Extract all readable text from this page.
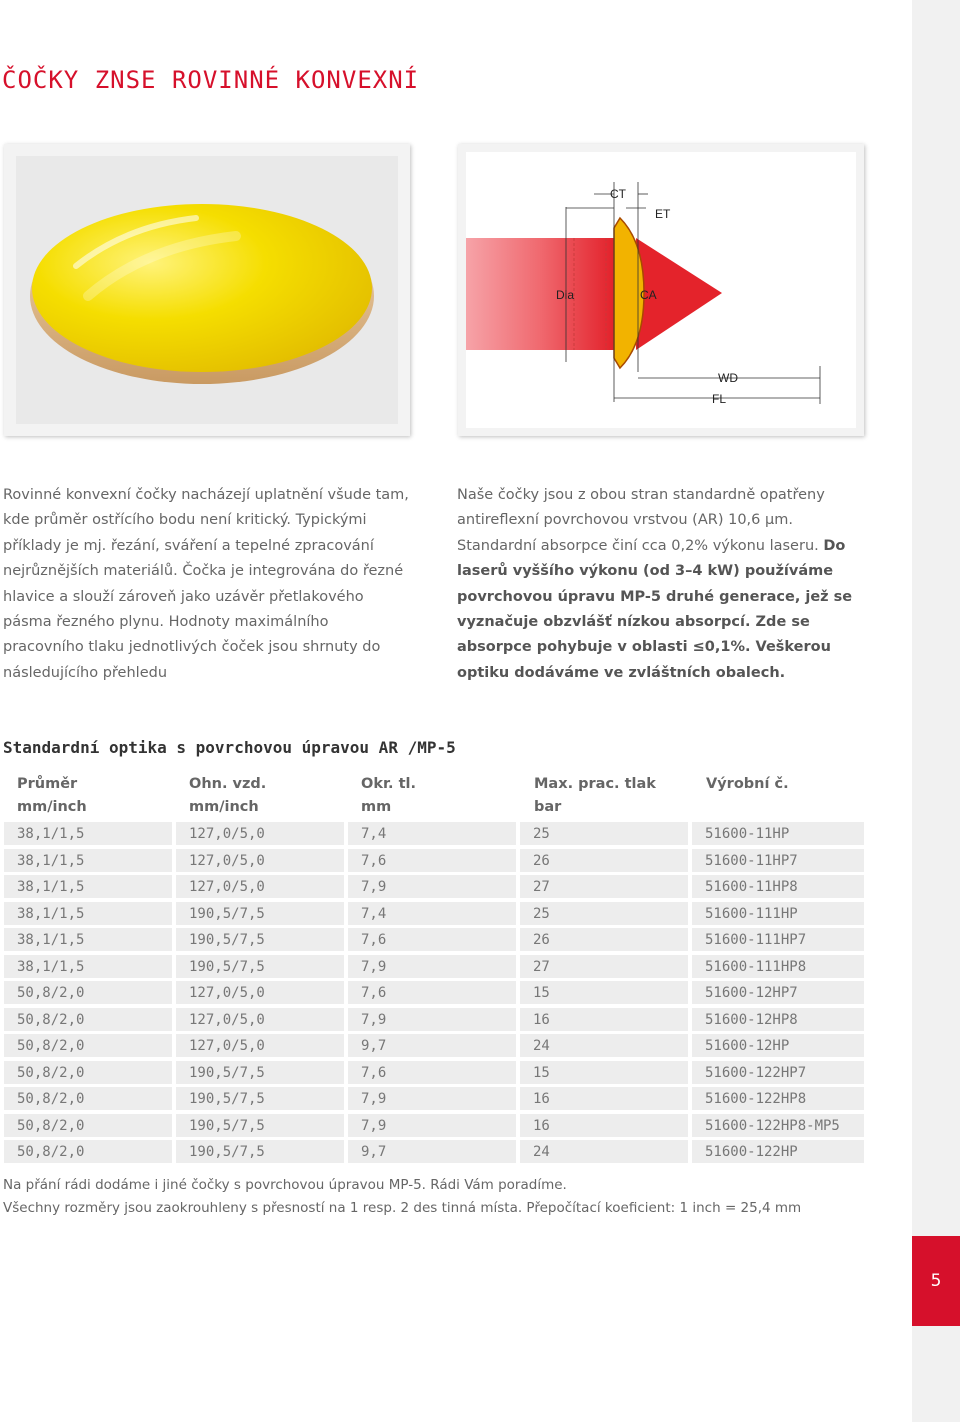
5
ČOČKY ZNSE ROVINNÉ KONVEXNÍ
CT
ET
Dia	CA
WD
FL
Rovinné konvexní čočky nacházejí uplatnění všude tam, kde průměr ostřícího bodu není kritický. Typickými příklady je mj. řezání, sváření a tepelné zpracování nejrůznějších materiálů. Čočka je integrována do řezné hlavice a slouží zároveň jako uzávěr přetlakového pásma řezného plynu. Hodnoty maximálního pracovního tlaku jednotlivých čoček jsou shrnuty do následujícího přehledu
Naše čočky jsou z obou stran standardně opatřeny antireflexní povrchovou vrstvou (AR) 10,6 µm. Standardní absorpce činí cca 0,2% výkonu laseru. Do laserů vyššího výkonu (od 3–4 kW) používáme povrchovou úpravu MP-5 druhé generace, jež se vyznačuje obzvlášť nízkou absorpcí. Zde se absorpce pohybuje v oblasti ≤0,1%. Veškerou optiku dodáváme ve zvláštních obalech.
Standardní optika s povrchovou úpravou AR /MP-5
Průměr
mm/inch
Ohn. vzd.
mm/inch
Okr. tl.
mm
Max. prac. tlak
bar
Výrobní č.
38,1/1,5	127,0/5,0	7,4	25	51600-11HP
38,1/1,5	127,0/5,0	7,6	26	51600-11HP7
38,1/1,5	127,0/5,0	7,9	27	51600-11HP8
38,1/1,5	190,5/7,5	7,4	25	51600-111HP
38,1/1,5	190,5/7,5	7,6	26	51600-111HP7
38,1/1,5	190,5/7,5	7,9	27	51600-111HP8
50,8/2,0	127,0/5,0	7,6	15	51600-12HP7
50,8/2,0	127,0/5,0	7,9	16	51600-12HP8
50,8/2,0	127,0/5,0	9,7	24	51600-12HP
50,8/2,0	190,5/7,5	7,6	15	51600-122HP7
50,8/2,0	190,5/7,5	7,9	16	51600-122HP8
50,8/2,0	190,5/7,5	7,9	16	51600-122HP8-MP5
50,8/2,0	190,5/7,5	9,7	24	51600-122HP
Na přání rádi dodáme i jiné čočky s povrchovou úpravou MP-5. Rádi Vám poradíme.
Všechny rozměry jsou zaokrouhleny s přesností na 1 resp. 2 des tinná místa. Přepočítací koeficient: 1 inch = 25,4 mm
